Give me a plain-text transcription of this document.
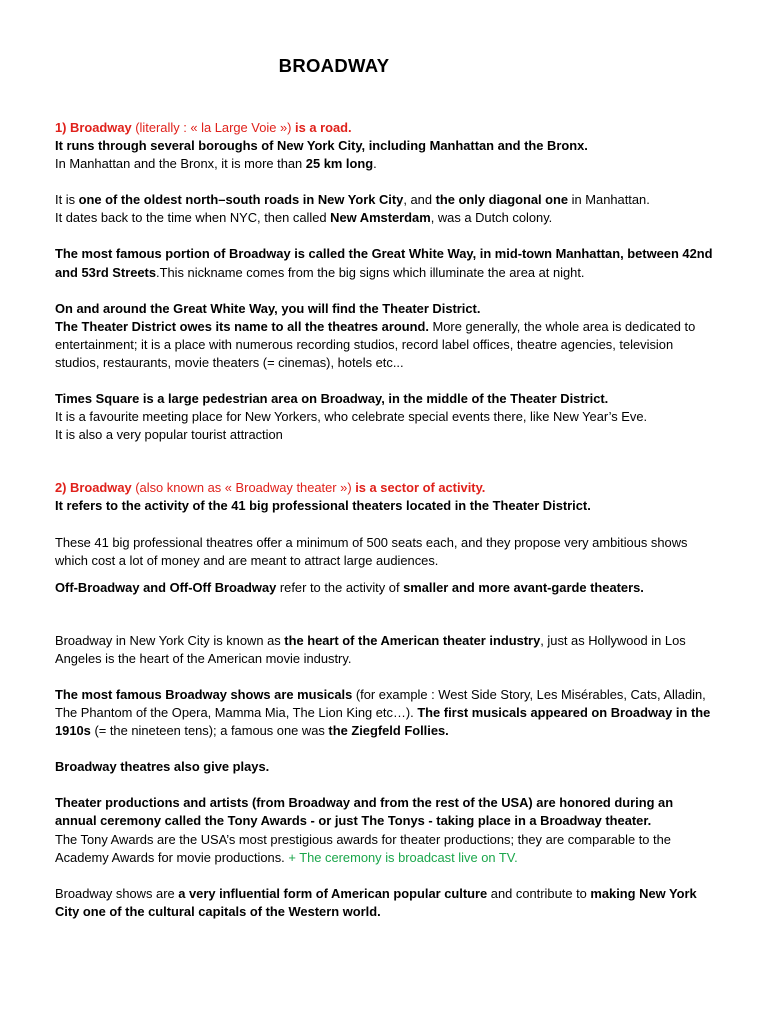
BROADWAY

1) Broadway (literally : « la Large Voie ») is a road.
It runs through several boroughs of New York City, including Manhattan and the Bronx.
In Manhattan and the Bronx, it is more than 25 km long.

It is one of the oldest north–south roads in New York City, and the only diagonal one in Manhattan.
It dates back to the time when NYC, then called New Amsterdam, was a Dutch colony.

The most famous portion of Broadway is called the Great White Way, in mid-town Manhattan, between 42nd and 53rd Streets.This nickname comes from the big signs which illuminate the area at night.

On and around the Great White Way, you will find the Theater District.
The Theater District owes its name to all the theatres around. More generally, the whole area is dedicated to entertainment; it is a place with numerous recording studios, record label offices, theatre agencies, television studios, restaurants, movie theaters (= cinemas), hotels etc...

Times Square is a large pedestrian area on Broadway, in the middle of the Theater District.
It is a favourite meeting place for New Yorkers, who celebrate special events there, like New Year’s Eve.
It is also a very popular tourist attraction

2) Broadway (also known as « Broadway theater ») is a sector of activity.
It refers to the activity of the 41 big professional theaters located in the Theater District.

These 41 big professional theatres offer a minimum of 500 seats each, and they propose very ambitious shows which cost a lot of money and are meant to attract large audiences.

Off-Broadway and Off-Off Broadway refer to the activity of smaller and more avant-garde theaters.

Broadway in New York City is known as the heart of the American theater industry, just as Hollywood in Los Angeles is the heart of the American movie industry.

The most famous Broadway shows are musicals (for example : West Side Story, Les Misérables, Cats, Alladin, The Phantom of the Opera, Mamma Mia, The Lion King etc…). The first musicals appeared on Broadway in the 1910s (= the nineteen tens); a famous one was the Ziegfeld Follies.

Broadway theatres also give plays.

Theater productions and artists (from Broadway and from the rest of the USA) are honored during an annual ceremony called the Tony Awards - or just The Tonys - taking place in a Broadway theater.
The Tony Awards are the USA’s most prestigious awards for theater productions; they are comparable to the Academy Awards for movie productions. + The ceremony is broadcast live on TV.

Broadway shows are a very influential form of American popular culture and contribute to making New York City one of the cultural capitals of the Western world.
